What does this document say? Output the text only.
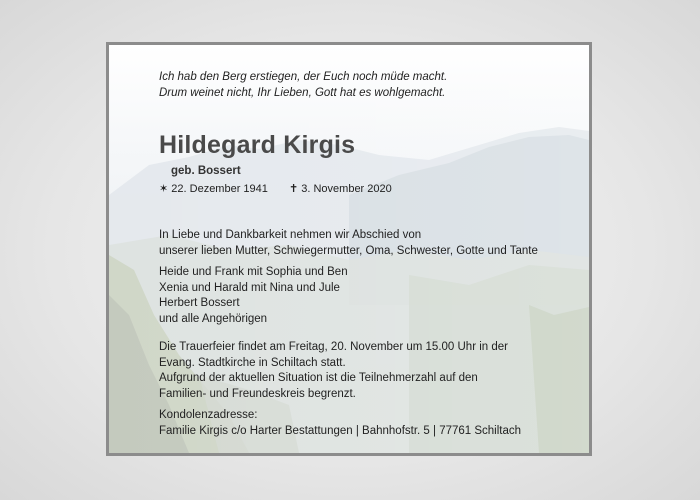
Ich hab den Berg erstiegen, der Euch noch müde macht.
Drum weinet nicht, Ihr Lieben, Gott hat es wohlgemacht.
Hildegard Kirgis
geb. Bossert
✶ 22. Dezember 1941 ✝ 3. November 2020
In Liebe und Dankbarkeit nehmen wir Abschied von
unserer lieben Mutter, Schwiegermutter, Oma, Schwester, Gotte und Tante
Heide und Frank mit Sophia und Ben
Xenia und Harald mit Nina und Jule
Herbert Bossert
und alle Angehörigen
Die Trauerfeier findet am Freitag, 20. November um 15.00 Uhr in der
Evang. Stadtkirche in Schiltach statt.
Aufgrund der aktuellen Situation ist die Teilnehmerzahl auf den
Familien- und Freundeskreis begrenzt.
Kondolenzadresse:
Familie Kirgis c/o Harter Bestattungen | Bahnhofstr. 5 | 77761 Schiltach
